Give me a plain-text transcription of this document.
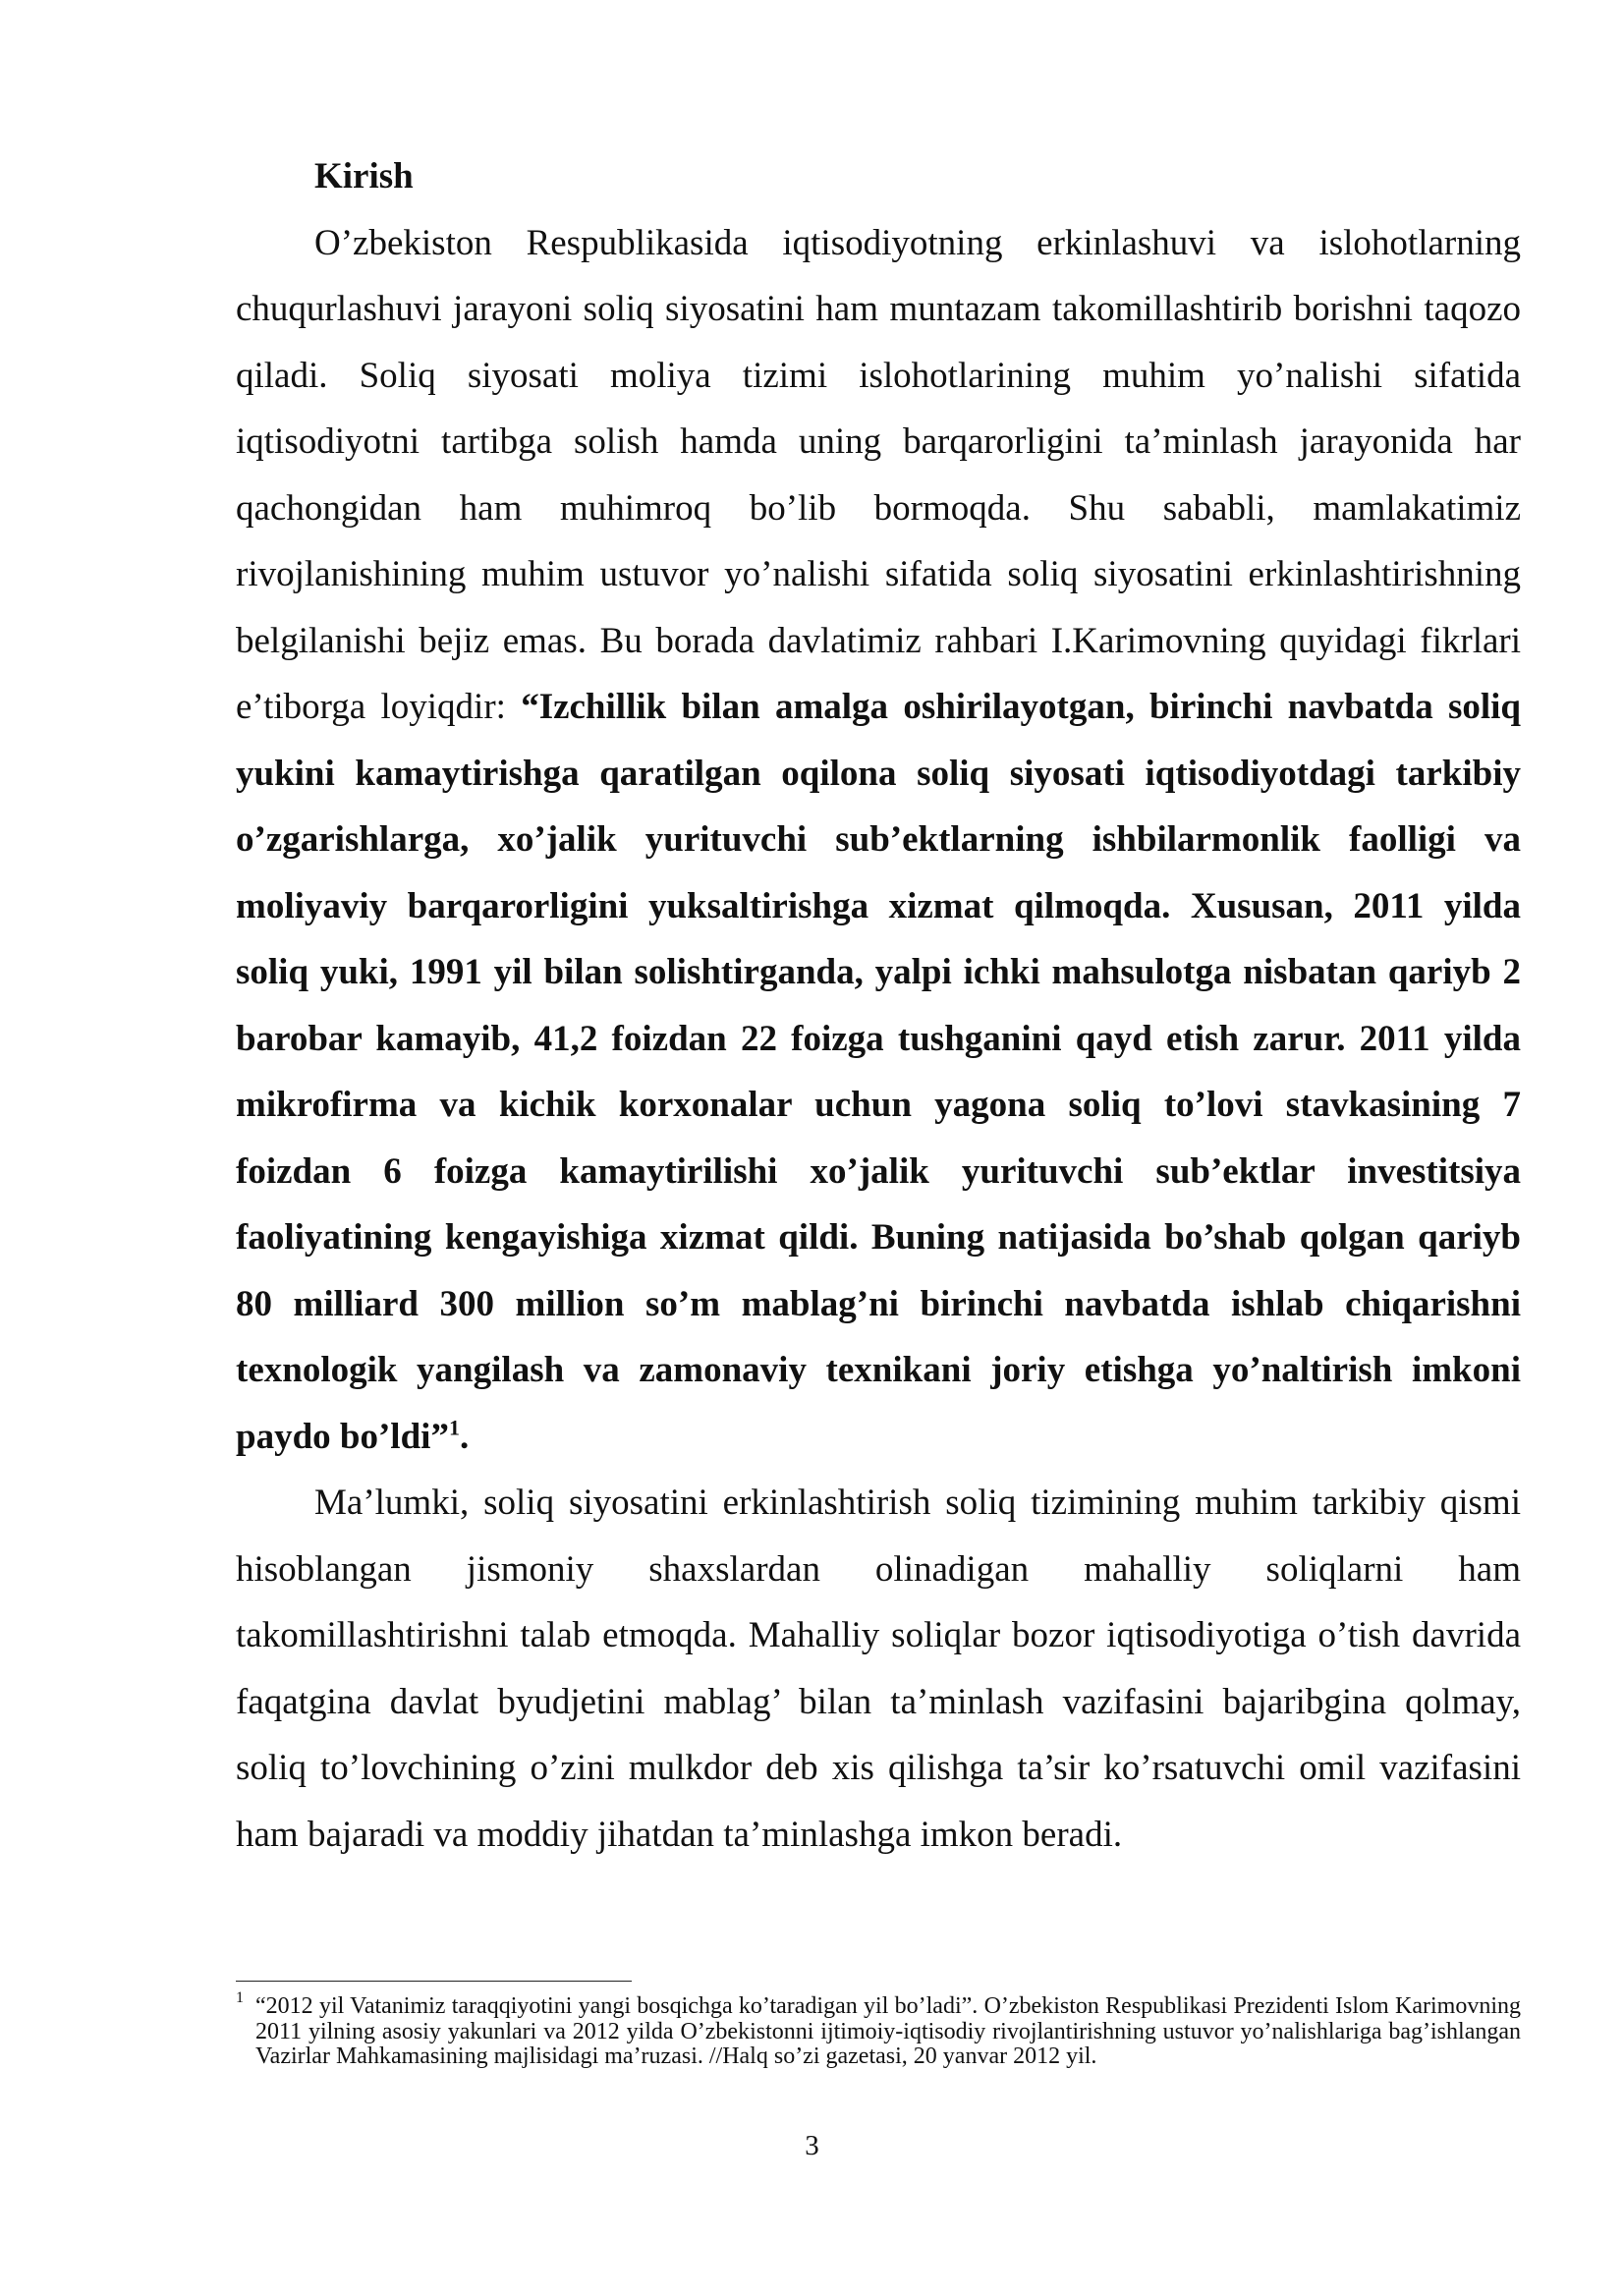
Kirish

O’zbekiston Respublikasida iqtisodiyotning erkinlashuvi va islohotlarning chuqurlashuvi jarayoni soliq siyosatini ham muntazam takomillashtirib borishni taqozo qiladi. Soliq siyosati moliya tizimi islohotlarining muhim yo’nalishi sifatida iqtisodiyotni tartibga solish hamda uning barqarorligini ta’minlash jarayonida har qachongidan ham muhimroq bo’lib bormoqda. Shu sababli, mamlakatimiz rivojlanishining muhim ustuvor yo’nalishi sifatida soliq siyosatini erkinlashtirishning belgilanishi bejiz emas. Bu borada davlatimiz rahbari I.Karimovning quyidagi fikrlari e’tiborga loyiqdir: “Izchillik bilan amalga oshirilayotgan, birinchi navbatda soliq yukini kamaytirishga qaratilgan oqilona soliq siyosati iqtisodiyotdagi tarkibiy o’zgarishlarga, xo’jalik yurituvchi sub’ektlarning ishbilarmonlik faolligi va moliyaviy barqarorligini yuksaltirishga xizmat qilmoqda. Xususan, 2011 yilda soliq yuki, 1991 yil bilan solishtirganda, yalpi ichki mahsulotga nisbatan qariyb 2 barobar kamayib, 41,2 foizdan 22 foizga tushganini qayd etish zarur. 2011 yilda mikrofirma va kichik korxonalar uchun yagona soliq to’lovi stavkasining 7 foizdan 6 foizga kamaytirilishi xo’jalik yurituvchi sub’ektlar investitsiya faoliyatining kengayishiga xizmat qildi. Buning natijasida bo’shab qolgan qariyb 80 milliard 300 million so’m mablag’ni birinchi navbatda ishlab chiqarishni texnologik yangilash va zamonaviy texnikani joriy etishga yo’naltirish imkoni paydo bo’ldi”$^1$.

Ma’lumki, soliq siyosatini erkinlashtirish soliq tizimining muhim tarkibiy qismi hisoblangan jismoniy shaxslardan olinadigan mahalliy soliqlarni ham takomillashtirishni talab etmoqda. Mahalliy soliqlar bozor iqtisodiyotiga o’tish davrida faqatgina davlat byudjetini mablag’ bilan ta’minlash vazifasini bajaribgina qolmay, soliq to’lovchining o’zini mulkdor deb xis qilishga ta’sir ko’rsatuvchi omil vazifasini ham bajaradi va moddiy jihatdan ta’minlashga imkon beradi.

1 “2012 yil Vatanimiz taraqqiyotini yangi bosqichga ko’taradigan yil bo’ladi”. O’zbekiston Respublikasi Prezidenti Islom Karimovning 2011 yilning asosiy yakunlari va 2012 yilda O’zbekistonni ijtimoiy-iqtisodiy rivojlantirishning ustuvor yo’nalishlariga bag’ishlangan Vazirlar Mahkamasining majlisidagi ma’ruzasi. //Halq so’zi gazetasi, 20 yanvar 2012 yil.

3
